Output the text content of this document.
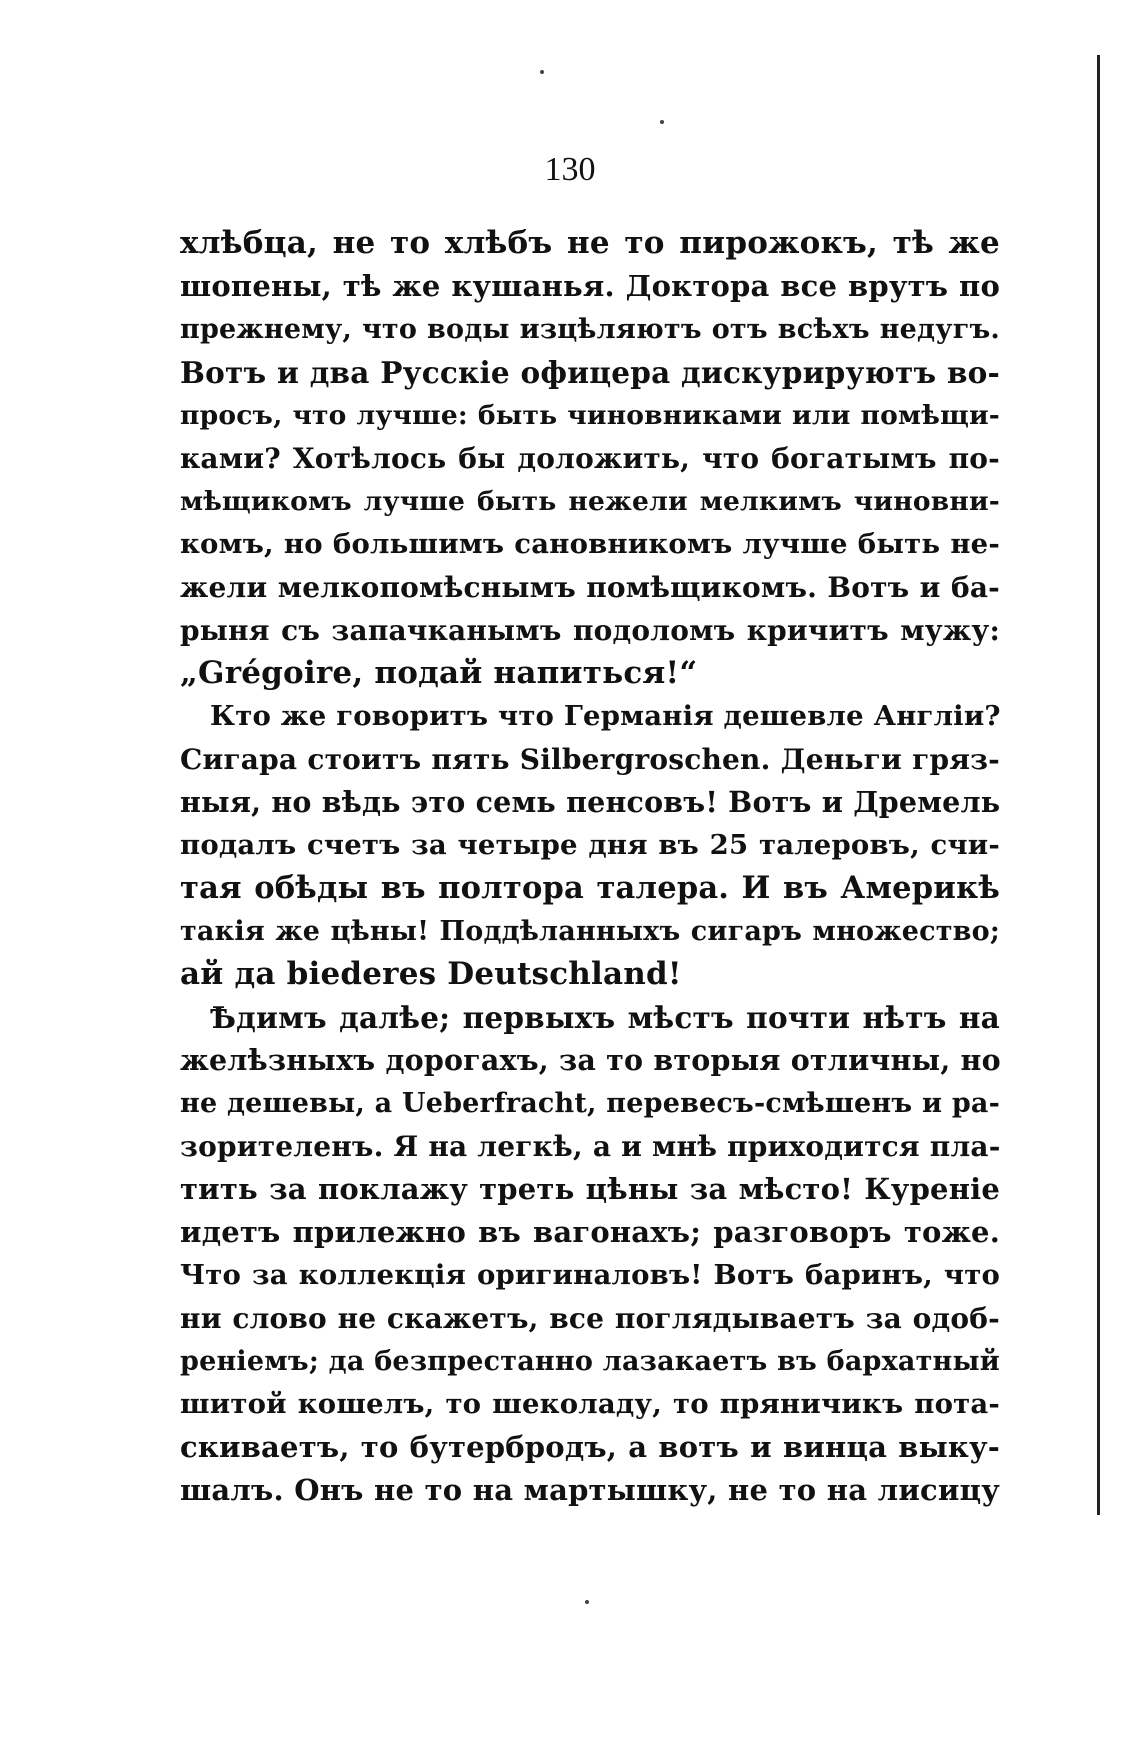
130
хлѣбца, не то хлѣбъ не то пирожокъ, тѣ же
шопены, тѣ же кушанья. Доктора все врутъ по
прежнему, что воды изцѣляютъ отъ всѣхъ недугъ.
Вотъ и два Русскіе офицера дискурируютъ во-
просъ, что лучше: быть чиновниками или помѣщи-
ками? Хотѣлось бы доложить, что богатымъ по-
мѣщикомъ лучше быть нежели мелкимъ чиновни-
комъ, но большимъ сановникомъ лучше быть не-
жели мелкопомѣснымъ помѣщикомъ. Вотъ и ба-
рыня съ запачканымъ подоломъ кричитъ мужу:
„Grégoire, подай напиться!“
Кто же говоритъ что Германія дешевле Англіи?
Сигара стоитъ пять Silbergroschen. Деньги гряз-
ныя, но вѣдь это семь пенсовъ! Вотъ и Дремель
подалъ счетъ за четыре дня въ 25 талеровъ, счи-
тая обѣды въ полтора талера. И въ Америкѣ
такія же цѣны! Поддѣланныхъ сигаръ множество;
ай да biederes Deutschland!
Ѣдимъ далѣе; первыхъ мѣстъ почти нѣтъ на
желѣзныхъ дорогахъ, за то вторыя отличны, но
не дешевы, а Ueberfracht, перевесъ-смѣшенъ и ра-
зорителенъ. Я на легкѣ, а и мнѣ приходится пла-
тить за поклажу треть цѣны за мѣсто! Куреніе
идетъ прилежно въ вагонахъ; разговоръ тоже.
Что за коллекція оригиналовъ! Вотъ баринъ, что
ни слово не скажетъ, все поглядываетъ за одоб-
реніемъ; да безпрестанно лазакаетъ въ бархатный
шитой кошелъ, то шеколаду, то пряничикъ пота-
скиваетъ, то бутербродъ, а вотъ и винца выку-
шалъ. Онъ не то на мартышку, не то на лисицу
